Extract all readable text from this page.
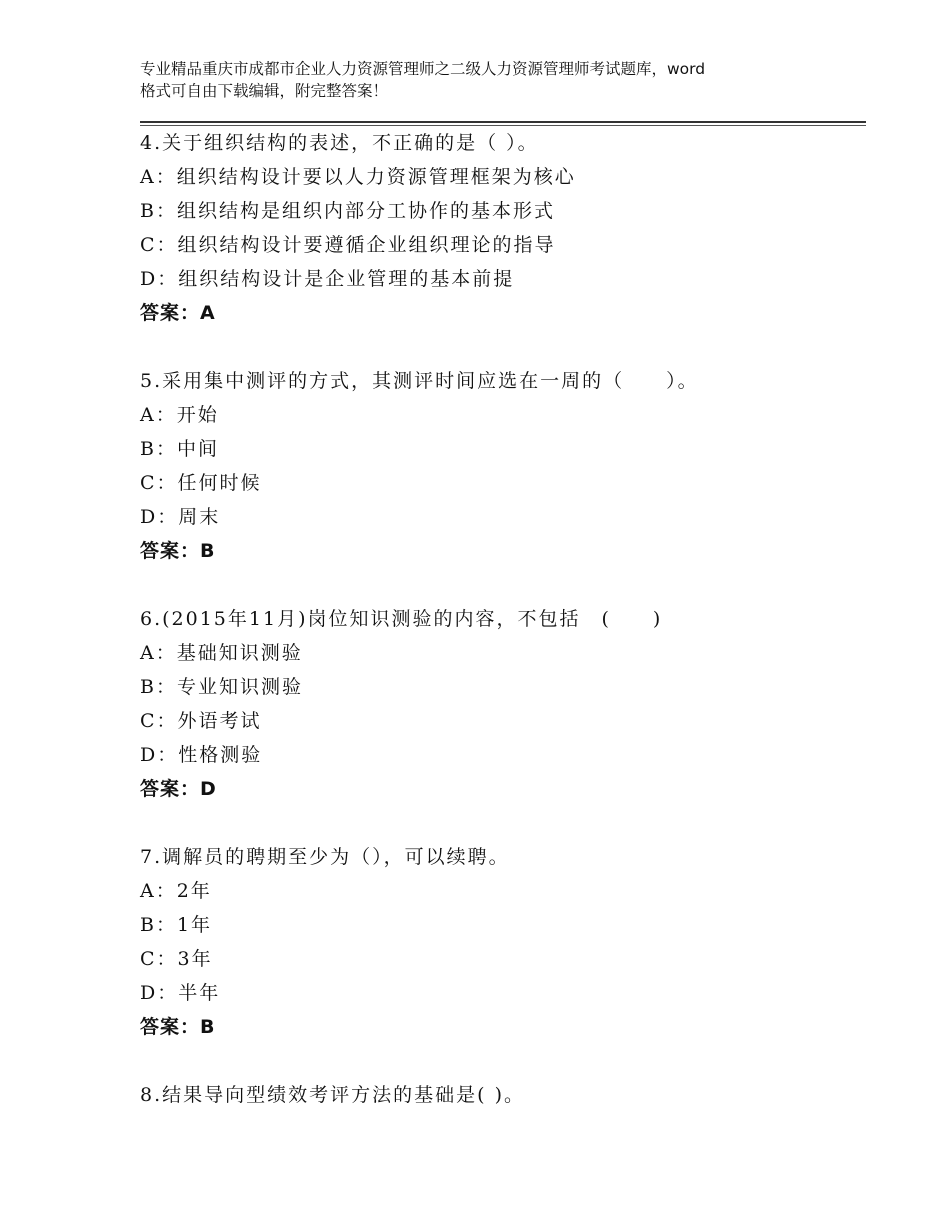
专业精品重庆市成都市企业人力资源管理师之二级人力资源管理师考试题库，word
格式可自由下载编辑，附完整答案！
4.关于组织结构的表述，不正确的是（ ）。
A：组织结构设计要以人力资源管理框架为核心
B：组织结构是组织内部分工协作的基本形式
C：组织结构设计要遵循企业组织理论的指导
D：组织结构设计是企业管理的基本前提
答案：A
5.采用集中测评的方式，其测评时间应选在一周的（　　）。
A：开始
B：中间
C：任何时候
D：周末
答案：B
6.(2015年11月)岗位知识测验的内容，不包括　(　　)
A：基础知识测验
B：专业知识测验
C：外语考试
D：性格测验
答案：D
7.调解员的聘期至少为（），可以续聘。
A：2年
B：1年
C：3年
D：半年
答案：B
8.结果导向型绩效考评方法的基础是( )。
